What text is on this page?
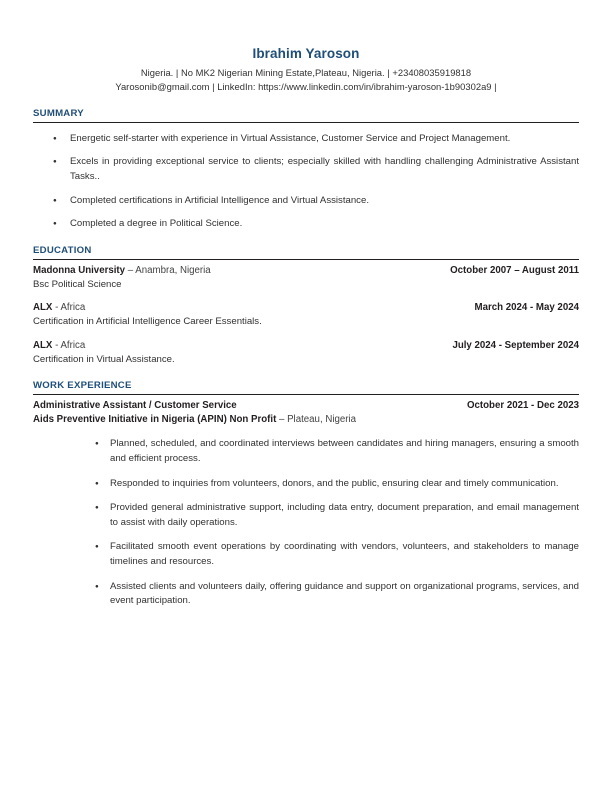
Ibrahim Yaroson
Nigeria. | No MK2 Nigerian Mining Estate,Plateau, Nigeria. | +23408035919818
Yarosonib@gmail.com | LinkedIn: https://www.linkedin.com/in/ibrahim-yaroson-1b90302a9 |
SUMMARY
● Energetic self-starter with experience in Virtual Assistance, Customer Service and Project Management.
● Excels in providing exceptional service to clients; especially skilled with handling challenging Administrative Assistant Tasks..
● Completed certifications in Artificial Intelligence and Virtual Assistance.
● Completed a degree in Political Science.
EDUCATION
Madonna University – Anambra, Nigeria	October 2007 – August 2011
Bsc Political Science
ALX - Africa	March 2024 - May 2024
Certification in Artificial Intelligence Career Essentials.
ALX - Africa	July 2024 - September 2024
Certification in Virtual Assistance.
WORK EXPERIENCE
Administrative Assistant / Customer Service	October 2021 - Dec 2023
Aids Preventive Initiative in Nigeria (APIN) Non Profit – Plateau, Nigeria
● Planned, scheduled, and coordinated interviews between candidates and hiring managers, ensuring a smooth and efficient process.
● Responded to inquiries from volunteers, donors, and the public, ensuring clear and timely communication.
● Provided general administrative support, including data entry, document preparation, and email management to assist with daily operations.
● Facilitated smooth event operations by coordinating with vendors, volunteers, and stakeholders to manage timelines and resources.
● Assisted clients and volunteers daily, offering guidance and support on organizational programs, services, and event participation.
